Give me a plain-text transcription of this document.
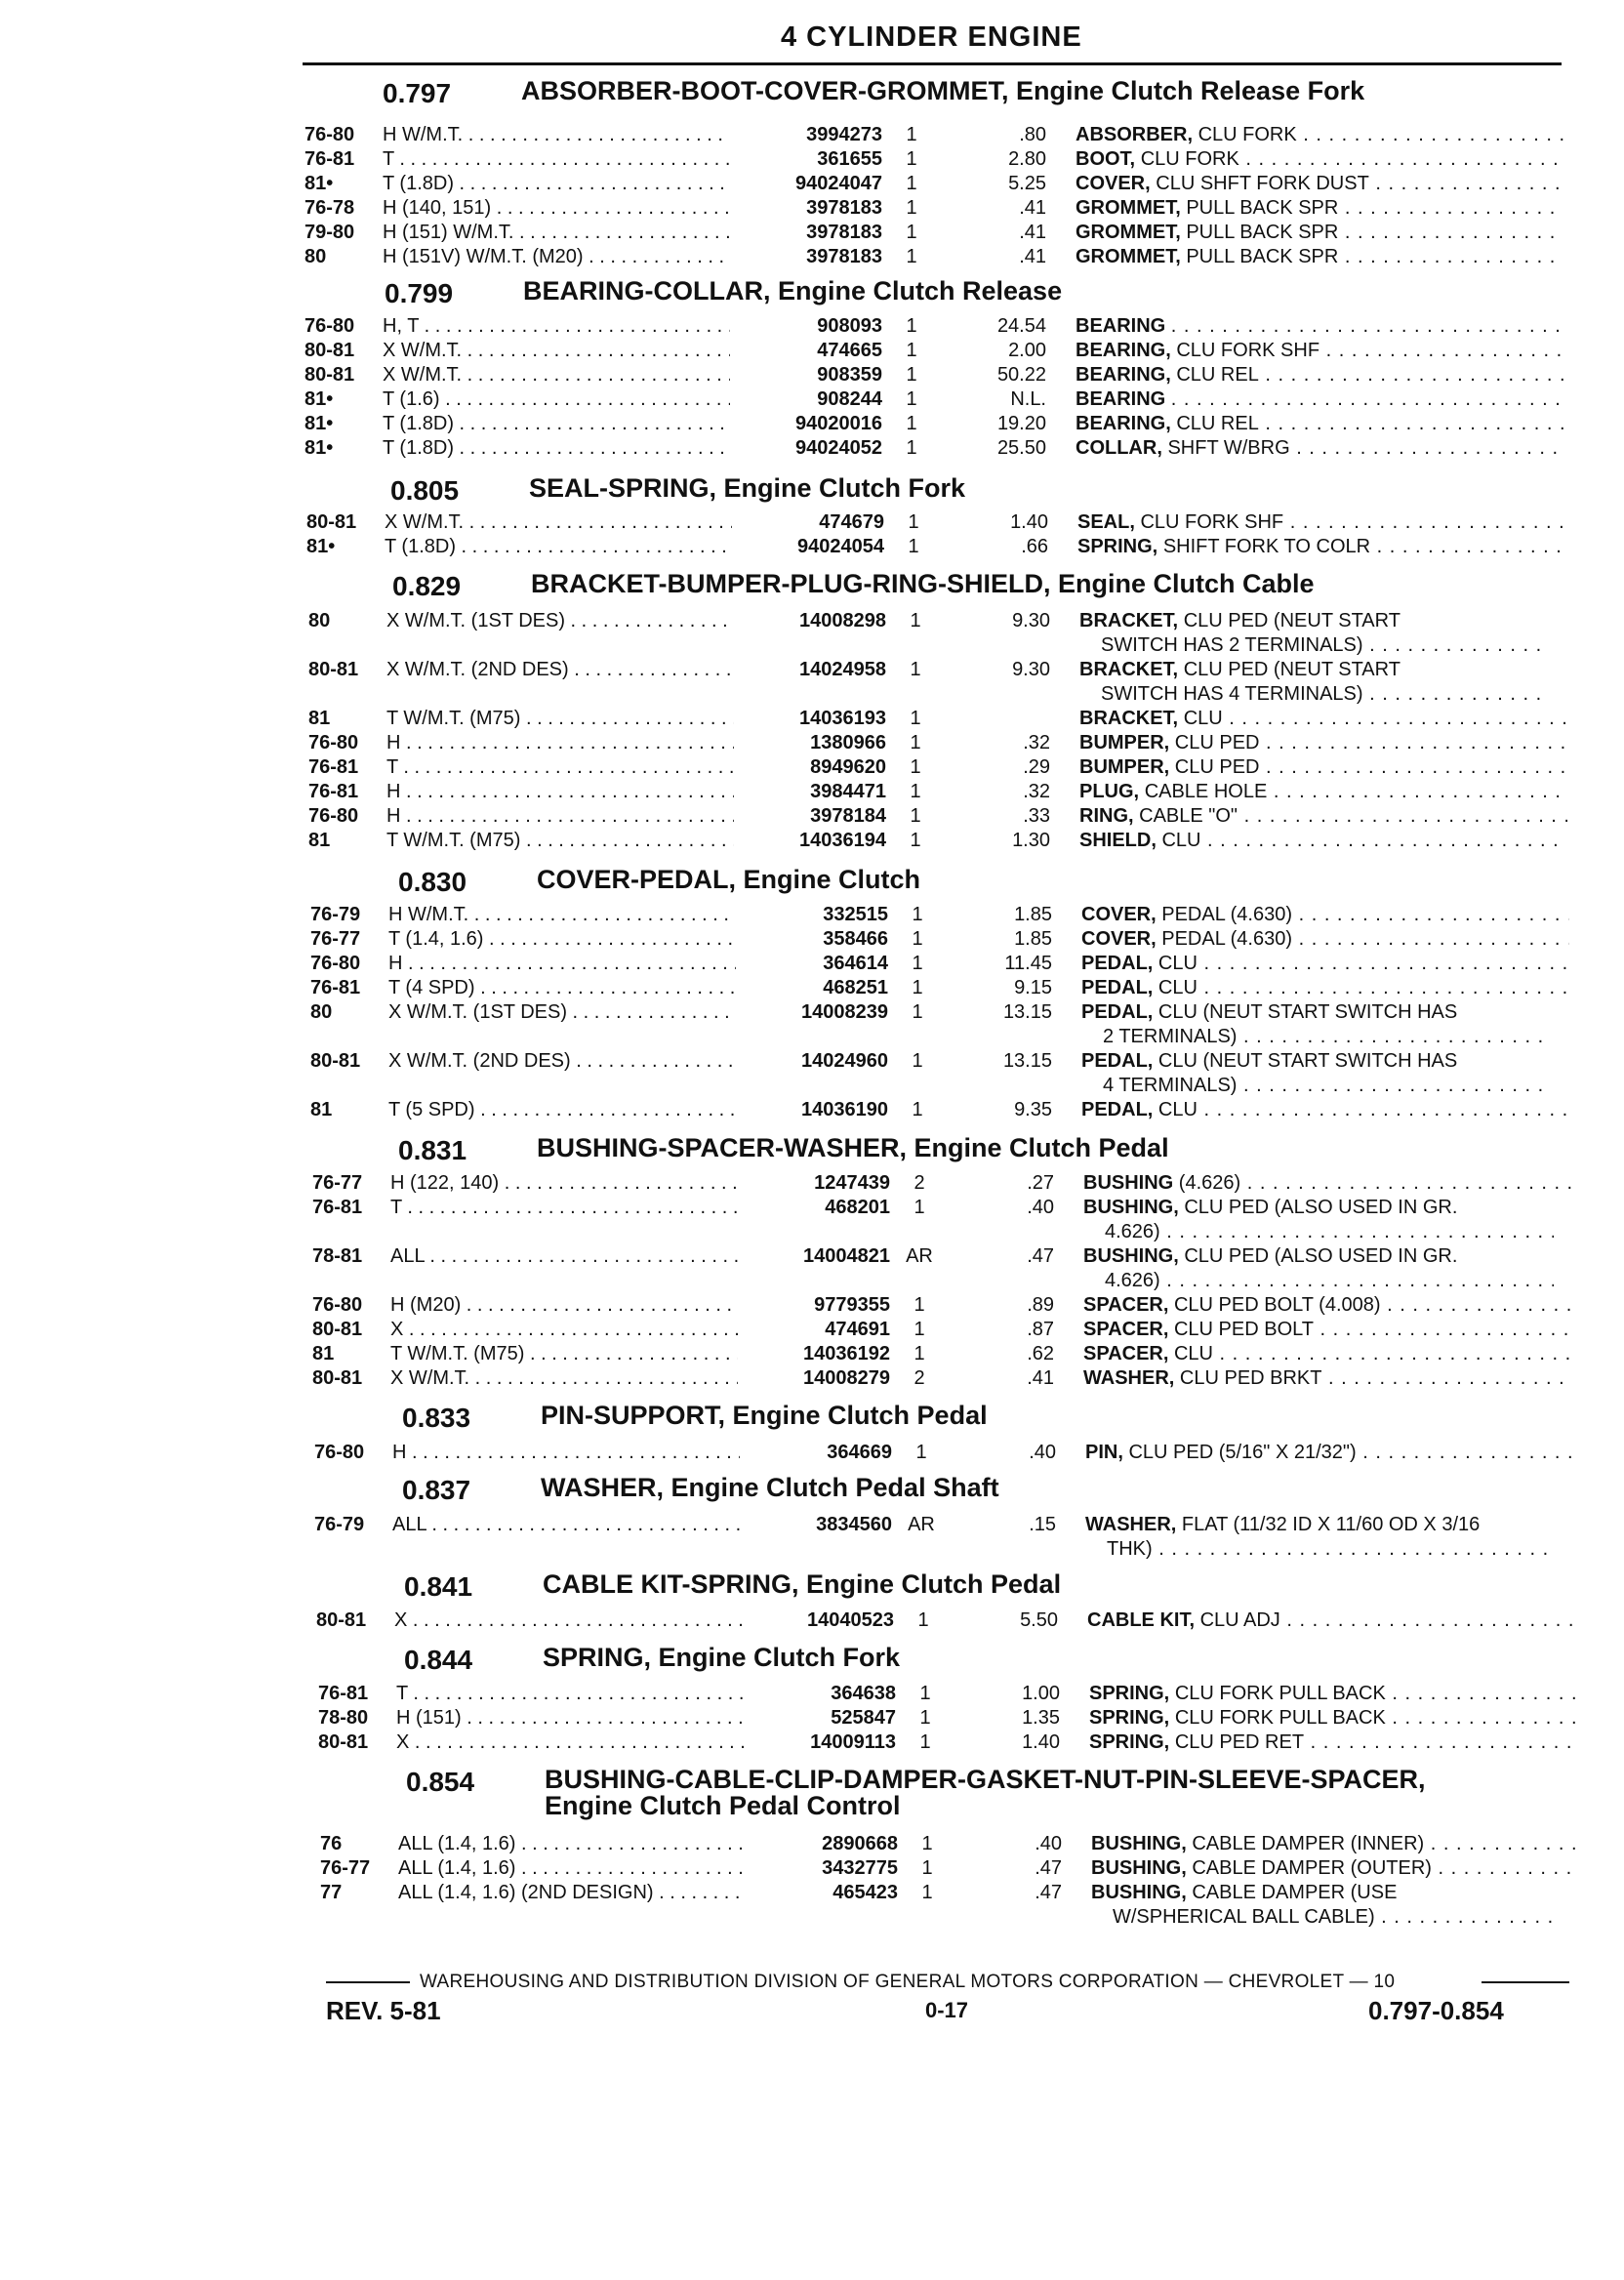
4 CYLINDER ENGINE
0.797	ABSORBER-BOOT-COVER-GROMMET, Engine Clutch Release Fork
76-80	H W/M.T. . . .	3994273	1	.80 ABSORBER, CLU FORK . . .
76-81	T . . .	361655	1	2.80 BOOT, CLU FORK . . .
81•	T (1.8D) . . .	94024047	1	5.25 COVER, CLU SHFT FORK DUST . . .
76-78	H (140, 151) . . .	3978183	1	.41 GROMMET, PULL BACK SPR . . .
79-80	H (151) W/M.T. . . .	3978183	1	.41 GROMMET, PULL BACK SPR . . .
80	H (151V) W/M.T. (M20) . . .	3978183	1	.41 GROMMET, PULL BACK SPR . . .
0.799	BEARING-COLLAR, Engine Clutch Release
76-80	H, T . . .	908093	1	24.54 BEARING . . .
80-81	X W/M.T. . . .	474665	1	2.00 BEARING, CLU FORK SHF . . .
80-81	X W/M.T. . . .	908359	1	50.22 BEARING, CLU REL . . .
81•	T (1.6) . . .	908244	1	N.L. BEARING . . .
81•	T (1.8D) . . .	94020016	1	19.20 BEARING, CLU REL . . .
81•	T (1.8D) . . .	94024052	1	25.50 COLLAR, SHFT W/BRG . . .
0.805	SEAL-SPRING, Engine Clutch Fork
80-81	X W/M.T. . . .	474679	1	1.40 SEAL, CLU FORK SHF . . .
81•	T (1.8D) . . .	94024054	1	.66 SPRING, SHIFT FORK TO COLR . . .
0.829	BRACKET-BUMPER-PLUG-RING-SHIELD, Engine Clutch Cable
80	X W/M.T. (1ST DES) . . .	14008298	1	9.30 BRACKET, CLU PED (NEUT START
SWITCH HAS 2 TERMINALS) . . .
80-81	X W/M.T. (2ND DES) . . .	14024958	1	9.30 BRACKET, CLU PED (NEUT START
SWITCH HAS 4 TERMINALS) . . .
81	T W/M.T. (M75) . . .	14036193	1	BRACKET, CLU . . .
76-80	H . . .	1380966	1	.32 BUMPER, CLU PED . . .
76-81	T . . .	8949620	1	.29 BUMPER, CLU PED . . .
76-81	H . . .	3984471	1	.32 PLUG, CABLE HOLE . . .
76-80	H . . .	3978184	1	.33 RING, CABLE "O" . . .
81	T W/M.T. (M75) . . .	14036194	1	1.30 SHIELD, CLU . . .
0.830	COVER-PEDAL, Engine Clutch
76-79	H W/M.T. . . .	332515	1	1.85 COVER, PEDAL (4.630) . . .
76-77	T (1.4, 1.6) . . .	358466	1	1.85 COVER, PEDAL (4.630) . . .
76-80	H . . .	364614	1	11.45 PEDAL, CLU . . .
76-81	T (4 SPD) . . .	468251	1	9.15 PEDAL, CLU . . .
80	X W/M.T. (1ST DES) . . .	14008239	1	13.15 PEDAL, CLU (NEUT START SWITCH HAS
2 TERMINALS) . . .
80-81	X W/M.T. (2ND DES) . . .	14024960	1	13.15 PEDAL, CLU (NEUT START SWITCH HAS
4 TERMINALS) . . .
81	T (5 SPD) . . .	14036190	1	9.35 PEDAL, CLU . . .
0.831	BUSHING-SPACER-WASHER, Engine Clutch Pedal
76-77	H (122, 140) . . .	1247439	2	.27 BUSHING (4.626) . . .
76-81	T . . .	468201	1	.40 BUSHING, CLU PED (ALSO USED IN GR.
4.626) . . .
78-81	ALL . . .	14004821 AR	.47 BUSHING, CLU PED (ALSO USED IN GR.
4.626) . . .
76-80	H (M20) . . .	9779355	1	.89 SPACER, CLU PED BOLT (4.008) . . .
80-81	X . . .	474691	1	.87 SPACER, CLU PED BOLT . . .
81	T W/M.T. (M75) . . .	14036192	1	.62 SPACER, CLU . . .
80-81	X W/M.T. . . .	14008279	2	.41 WASHER, CLU PED BRKT . . .
0.833	PIN-SUPPORT, Engine Clutch Pedal
76-80	H . . .	364669	1	.40 PIN, CLU PED (5/16" X 21/32") . . .
0.837	WASHER, Engine Clutch Pedal Shaft
76-79	ALL . . .	3834560 AR	.15 WASHER, FLAT (11/32 ID X 11/60 OD X 3/16
THK) . . .
0.841	CABLE KIT-SPRING, Engine Clutch Pedal
80-81	X . . .	14040523	1	5.50 CABLE KIT, CLU ADJ . . .
0.844	SPRING, Engine Clutch Fork
76-81	T . . .	364638	1	1.00 SPRING, CLU FORK PULL BACK . . .
78-80	H (151) . . .	525847	1	1.35 SPRING, CLU FORK PULL BACK . . .
80-81	X . . .	14009113	1	1.40 SPRING, CLU PED RET . . .
0.854	BUSHING-CABLE-CLIP-DAMPER-GASKET-NUT-PIN-SLEEVE-SPACER,
Engine Clutch Pedal Control
76	ALL (1.4, 1.6) . . .	2890668	1	.40 BUSHING, CABLE DAMPER (INNER) . . .
76-77	ALL (1.4, 1.6) . . .	3432775	1	.47 BUSHING, CABLE DAMPER (OUTER) . . .
77	ALL (1.4, 1.6) (2ND DESIGN) . . .	465423	1	.47 BUSHING, CABLE DAMPER (USE
W/SPHERICAL BALL CABLE) . . .
WAREHOUSING AND DISTRIBUTION DIVISION OF GENERAL MOTORS CORPORATION — CHEVROLET — 10
REV. 5-81	0-17	0.797-0.854
